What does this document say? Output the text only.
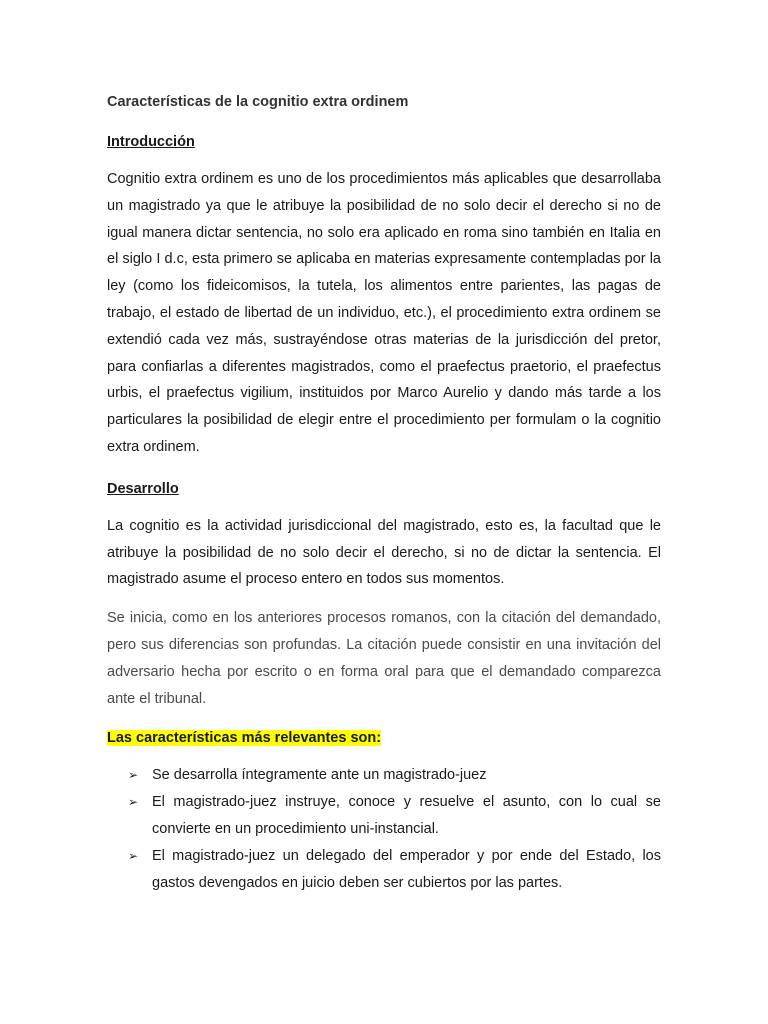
Características de la cognitio extra ordinem
Introducción

Cognitio extra ordinem es uno de los procedimientos más aplicables que desarrollaba un magistrado ya que le atribuye la posibilidad de no solo decir el derecho si no de igual manera dictar sentencia, no solo era aplicado en roma sino también en Italia en el siglo I d.c, esta primero se aplicaba en materias expresamente contempladas por la ley (como los fideicomisos, la tutela, los alimentos entre parientes, las pagas de trabajo, el estado de libertad de un individuo, etc.), el procedimiento extra ordinem se extendió cada vez más, sustrayéndose otras materias de la jurisdicción del pretor, para confiarlas a diferentes magistrados, como el praefectus praetorio, el praefectus urbis, el praefectus vigilium, instituidos por Marco Aurelio y dando más tarde a los particulares la posibilidad de elegir entre el procedimiento per formulam o la cognitio extra ordinem.

Desarrollo

La cognitio es la actividad jurisdiccional del magistrado, esto es, la facultad que le atribuye la posibilidad de no solo decir el derecho, si no de dictar la sentencia. El magistrado asume el proceso entero en todos sus momentos.

Se inicia, como en los anteriores procesos romanos, con la citación del demandado, pero sus diferencias son profundas. La citación puede consistir en una invitación del adversario hecha por escrito o en forma oral para que el demandado comparezca ante el tribunal.

Las características más relevantes son:

➢ Se desarrolla íntegramente ante un magistrado-juez
➢ El magistrado-juez instruye, conoce y resuelve el asunto, con lo cual se convierte en un procedimiento uni-instancial.
➢ El magistrado-juez un delegado del emperador y por ende del Estado, los gastos devengados en juicio deben ser cubiertos por las partes.
